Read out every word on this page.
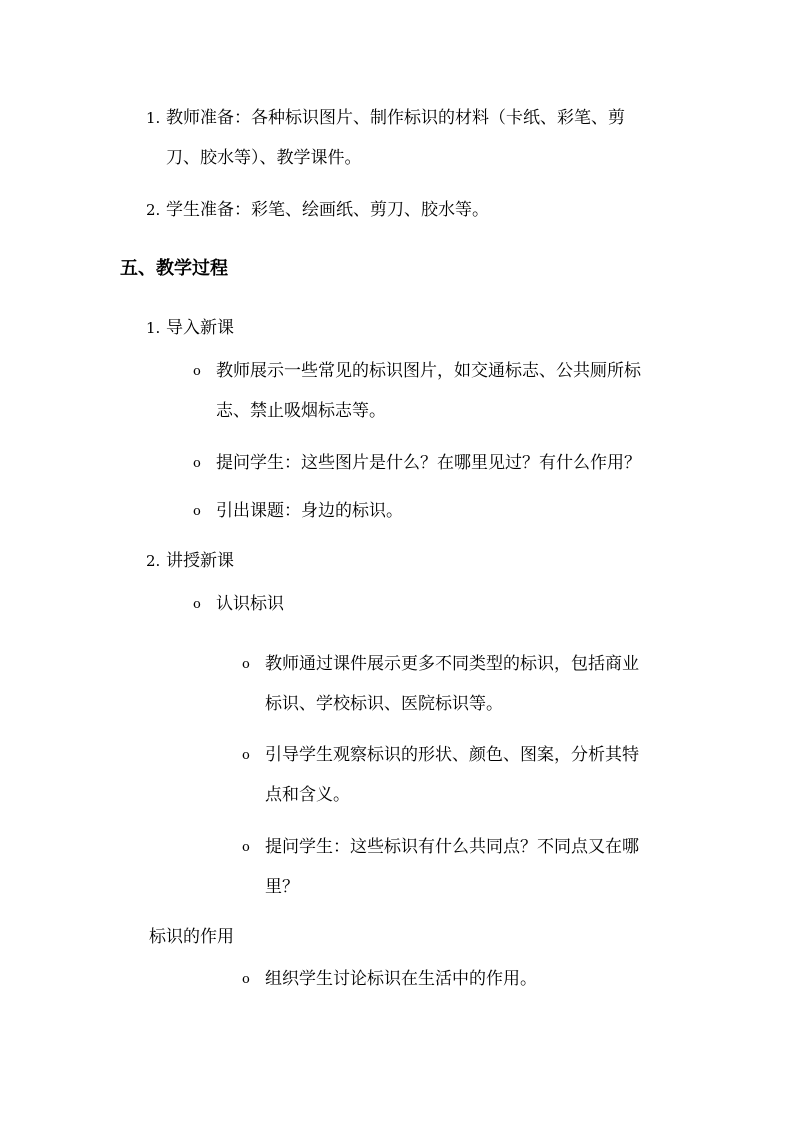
1. 教师准备：各种标识图片、制作标识的材料（卡纸、彩笔、剪
刀、胶水等）、教学课件。
2. 学生准备：彩笔、绘画纸、剪刀、胶水等。
五、教学过程
1. 导入新课
o 教师展示一些常见的标识图片，如交通标志、公共厕所标
志、禁止吸烟标志等。
o 提问学生：这些图片是什么？在哪里见过？有什么作用？
o 引出课题：身边的标识。
2. 讲授新课
o 认识标识
o 教师通过课件展示更多不同类型的标识，包括商业
标识、学校标识、医院标识等。
o 引导学生观察标识的形状、颜色、图案，分析其特
点和含义。
o 提问学生：这些标识有什么共同点？不同点又在哪
里？
标识的作用
o 组织学生讨论标识在生活中的作用。
